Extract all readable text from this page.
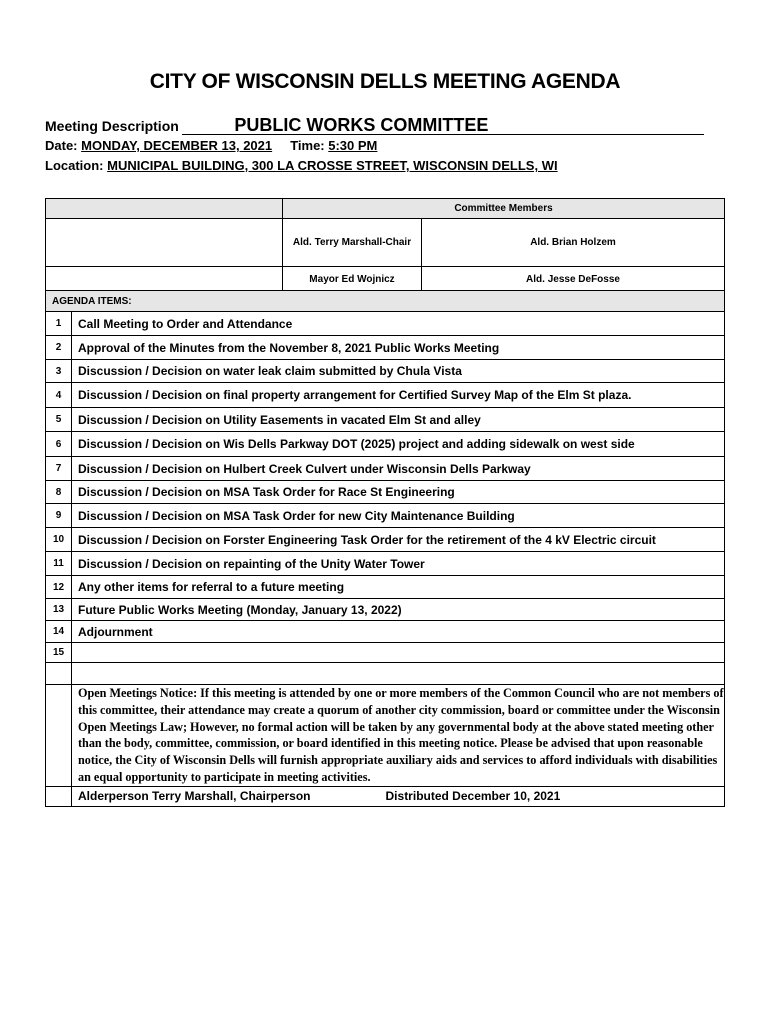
CITY OF WISCONSIN DELLS MEETING AGENDA
Meeting Description	PUBLIC WORKS COMMITTEE
Date: MONDAY, DECEMBER 13, 2021 Time: 5:30 PM
Location: MUNICIPAL BUILDING, 300 LA CROSSE STREET, WISCONSIN DELLS, WI
	Committee Members	
	Ald. Terry Marshall-Chair	Ald. Brian Holzem
	Mayor Ed Wojnicz	Ald. Jesse DeFosse
AGENDA ITEMS:	
1	Call Meeting to Order and Attendance
2	Approval of the Minutes from the November 8, 2021 Public Works Meeting
3	Discussion / Decision on water leak claim submitted by Chula Vista
4	Discussion / Decision on final property arrangement for Certified Survey Map of the Elm St plaza.
5	Discussion / Decision on Utility Easements in vacated Elm St and alley
6	Discussion / Decision on Wis Dells Parkway DOT (2025) project and adding sidewalk on west side
7	Discussion / Decision on Hulbert Creek Culvert under Wisconsin Dells Parkway
8	Discussion / Decision on MSA Task Order for Race St Engineering
9	Discussion / Decision on MSA Task Order for new City Maintenance Building
10	Discussion / Decision on Forster Engineering Task Order for the retirement of the 4 kV Electric circuit
11	Discussion / Decision on repainting of the Unity Water Tower
12	Any other items for referral to a future meeting
13	Future Public Works Meeting (Monday, January 13, 2022)
14	Adjournment
15	

	Open Meetings Notice: If this meeting is attended by one or more members of the Common Council who are not members of this committee, their attendance may create a quorum of another city commission, board or committee under the Wisconsin Open Meetings Law; However, no formal action will be taken by any governmental body at the above stated meeting other than the body, committee, commission, or board identified in this meeting notice. Please be advised that upon reasonable notice, the City of Wisconsin Dells will furnish appropriate auxiliary aids and services to afford individuals with disabilities an equal opportunity to participate in meeting activities.
	Alderperson Terry Marshall, Chairperson Distributed December 10, 2021
